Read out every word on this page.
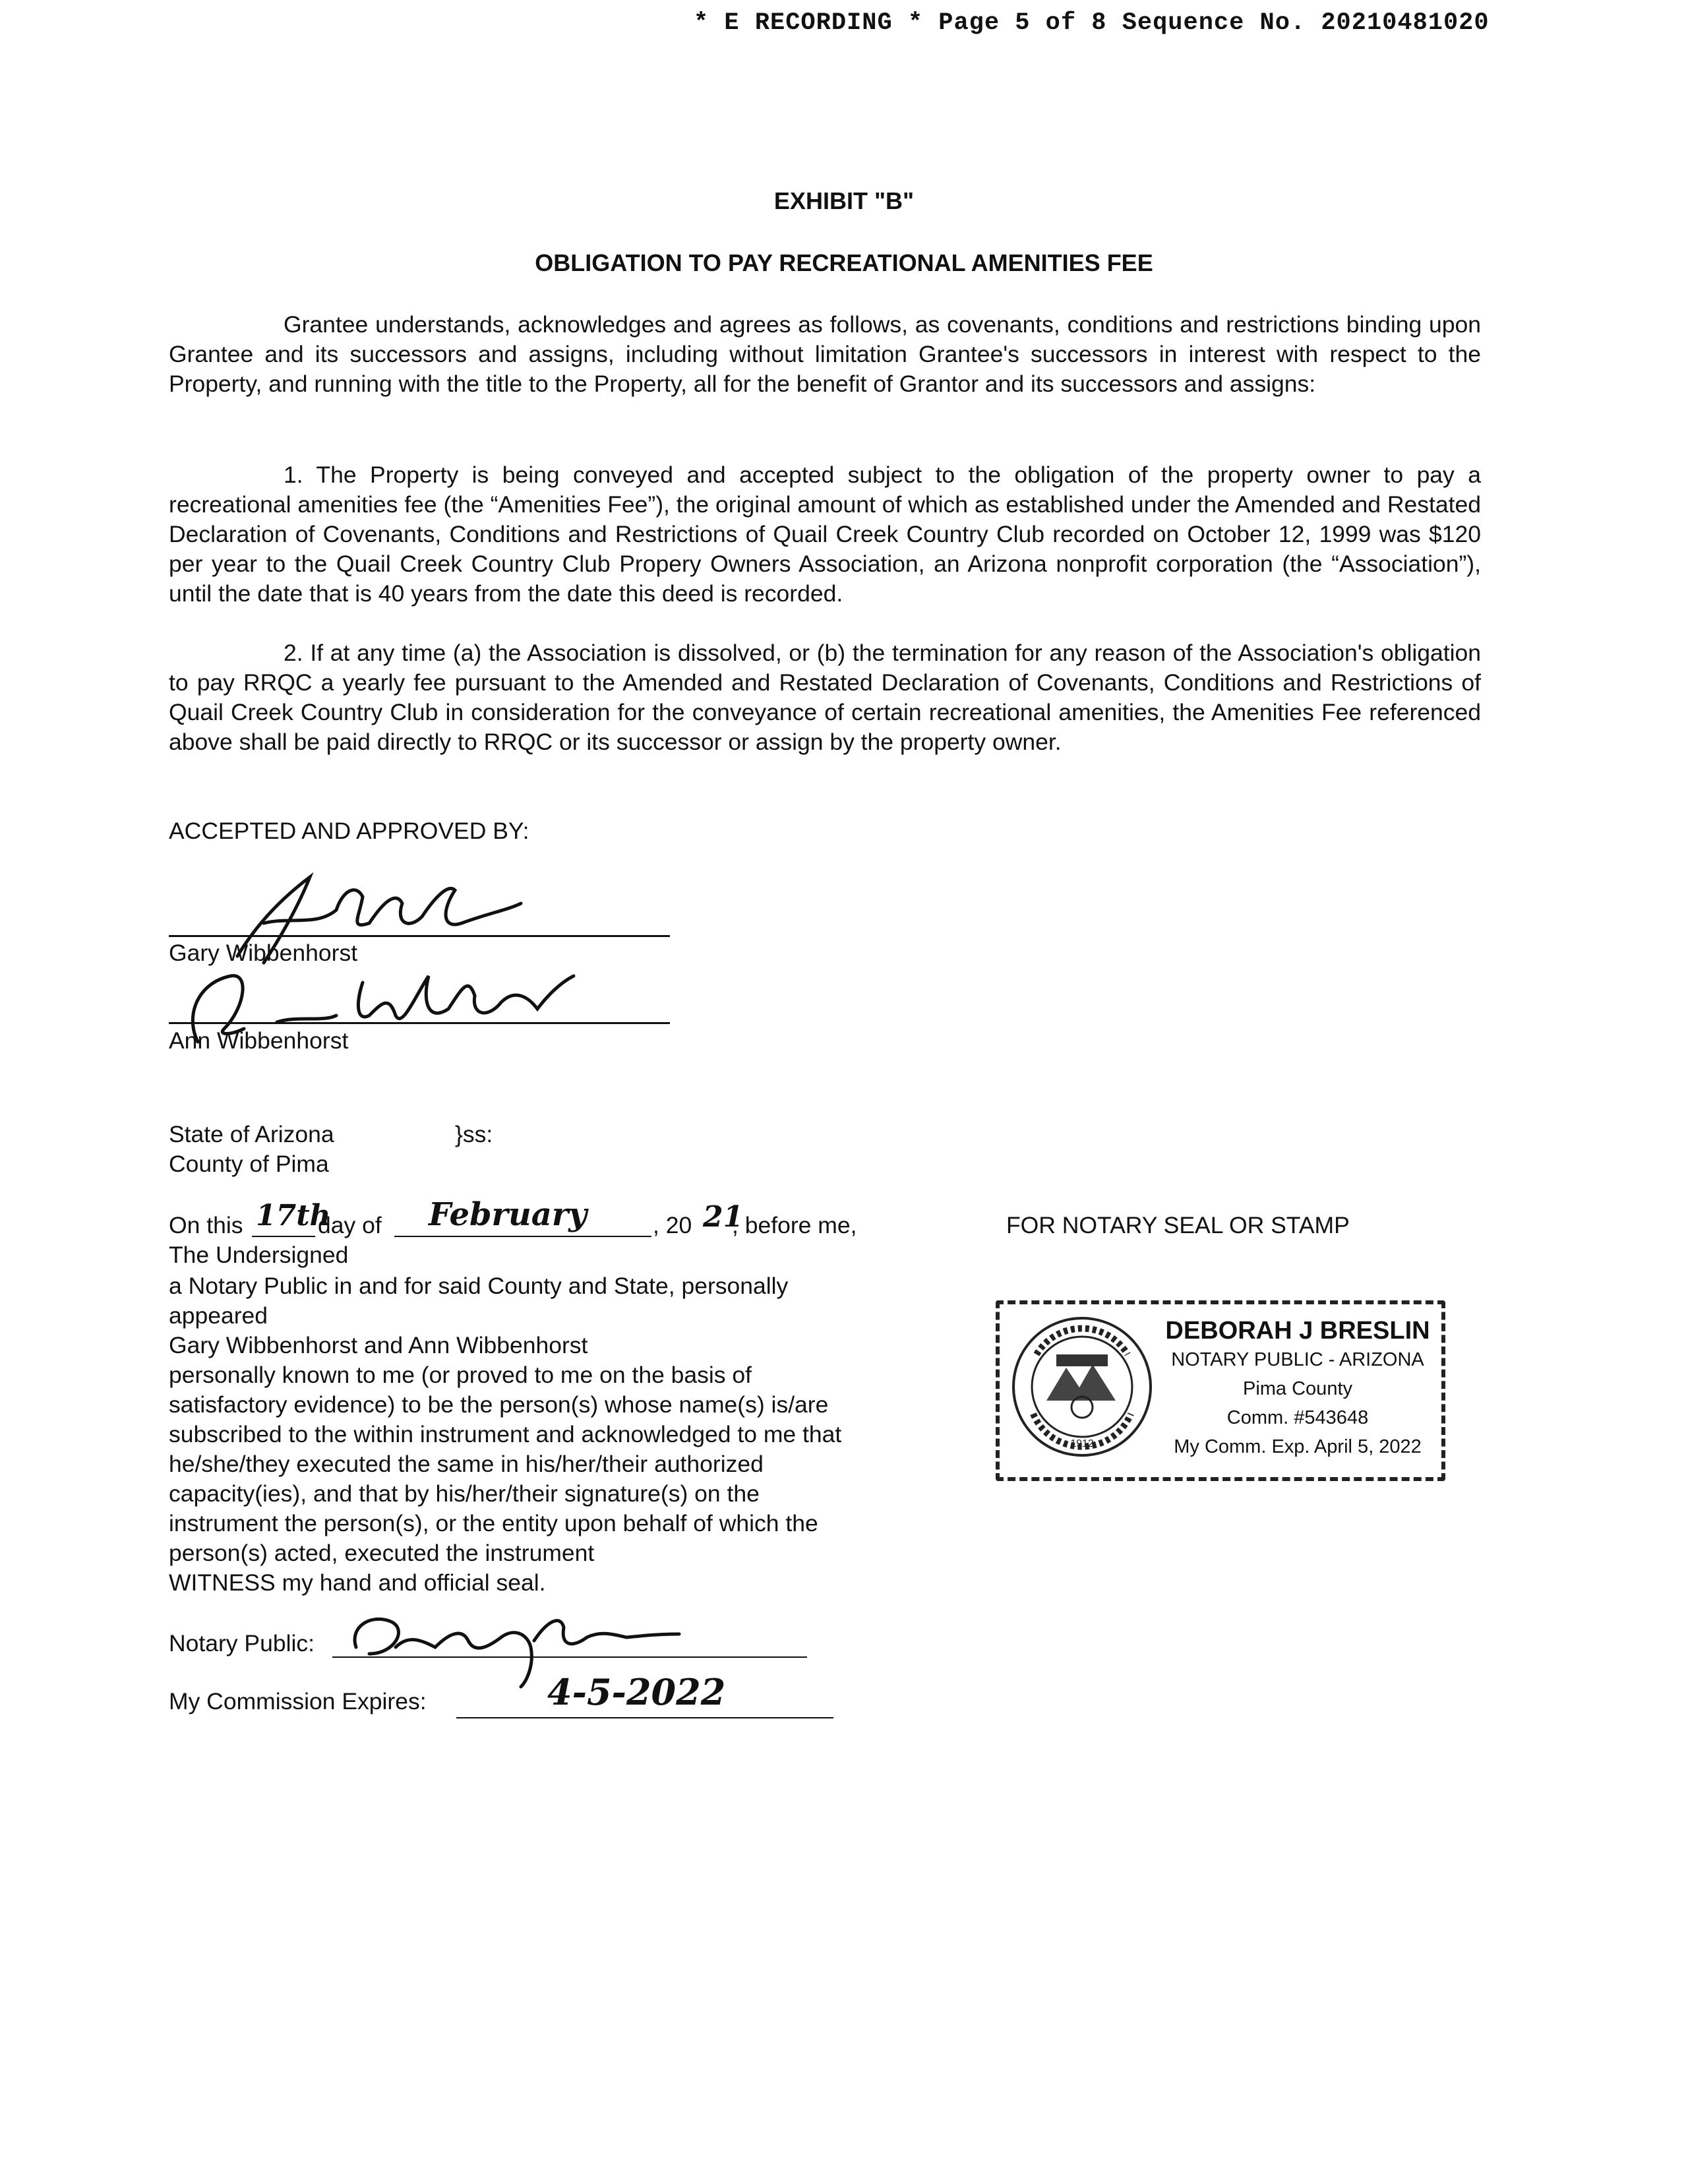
* E RECORDING * Page 5 of 8 Sequence No. 20210481020
EXHIBIT "B"
OBLIGATION TO PAY RECREATIONAL AMENITIES FEE

Grantee understands, acknowledges and agrees as follows, as covenants, conditions and restrictions binding upon Grantee and its successors and assigns, including without limitation Grantee's successors in interest with respect to the Property, and running with the title to the Property, all for the benefit of Grantor and its successors and assigns:

1. The Property is being conveyed and accepted subject to the obligation of the property owner to pay a recreational amenities fee (the “Amenities Fee”), the original amount of which as established under the Amended and Restated Declaration of Covenants, Conditions and Restrictions of Quail Creek Country Club recorded on October 12, 1999 was $120 per year to the Quail Creek Country Club Propery Owners Association, an Arizona nonprofit corporation (the “Association”), until the date that is 40 years from the date this deed is recorded.

2. If at any time (a) the Association is dissolved, or (b) the termination for any reason of the Association's obligation to pay RRQC a yearly fee pursuant to the Amended and Restated Declaration of Covenants, Conditions and Restrictions of Quail Creek Country Club in consideration for the conveyance of certain recreational amenities, the Amenities Fee referenced above shall be paid directly to RRQC or its successor or assign by the property owner.

ACCEPTED AND APPROVED BY:
Gary Wibbenhorst
Ann Wibbenhorst
State of Arizona	}ss:
County of Pima
On this 17th
day of February	, 20 21
, before me,
The Undersigned

a Notary Public in and for said County and State, personally

appeared

Gary Wibbenhorst and Ann Wibbenhorst

personally known to me (or proved to me on the basis of

satisfactory evidence) to be the person(s) whose name(s) is/are

subscribed to the within instrument and acknowledged to me that

he/she/they executed the same in his/her/their authorized

capacity(ies), and that by his/her/their signature(s) on the

instrument the person(s), or the entity upon behalf of which the

person(s) acted, executed the instrument

WITNESS my hand and official seal.

Notary Public:
My Commission Expires:	4-5-2022
FOR NOTARY SEAL OR STAMP
1912
DEBORAH J BRESLIN
NOTARY PUBLIC - ARIZONA
Pima County
Comm. #543648
My Comm. Exp. April 5, 2022
